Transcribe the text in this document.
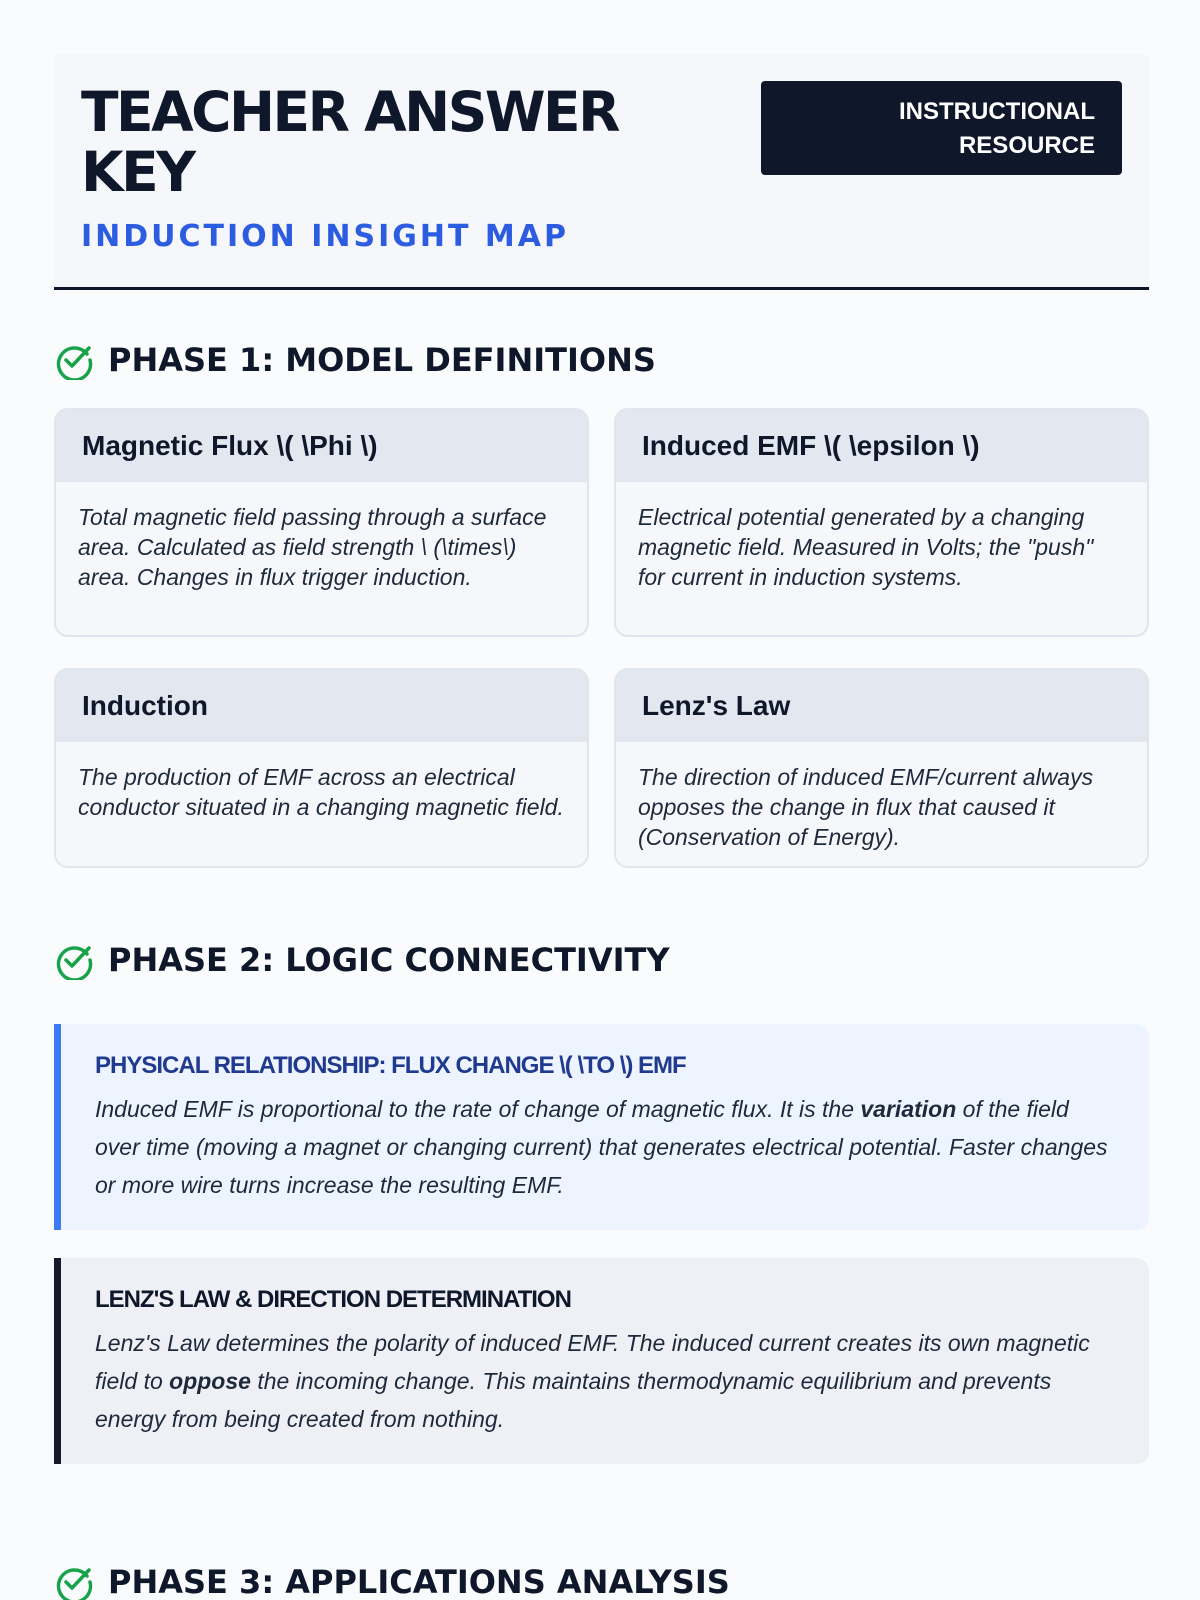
TEACHER ANSWER KEY
INDUCTION INSIGHT MAP
INSTRUCTIONAL
RESOURCE
PHASE 1: MODEL DEFINITIONS
Magnetic Flux \( \Phi \)
Total magnetic field passing through a surface area. Calculated as field strength \ (\times\) area. Changes in flux trigger induction.
Induced EMF \( \epsilon \)
Electrical potential generated by a changing magnetic field. Measured in Volts; the "push" for current in induction systems.
Induction
The production of EMF across an electrical conductor situated in a changing magnetic field.
Lenz's Law
The direction of induced EMF/current always opposes the change in flux that caused it (Conservation of Energy).
PHASE 2: LOGIC CONNECTIVITY
PHYSICAL RELATIONSHIP: FLUX CHANGE \( \TO \) EMF

Induced EMF is proportional to the rate of change of magnetic flux. It is the variation of the field over time (moving a magnet or changing current) that generates electrical potential. Faster changes or more wire turns increase the resulting EMF.

LENZ'S LAW & DIRECTION DETERMINATION

Lenz's Law determines the polarity of induced EMF. The induced current creates its own magnetic field to oppose the incoming change. This maintains thermodynamic equilibrium and prevents energy from being created from nothing.

PHASE 3: APPLICATIONS ANALYSIS
